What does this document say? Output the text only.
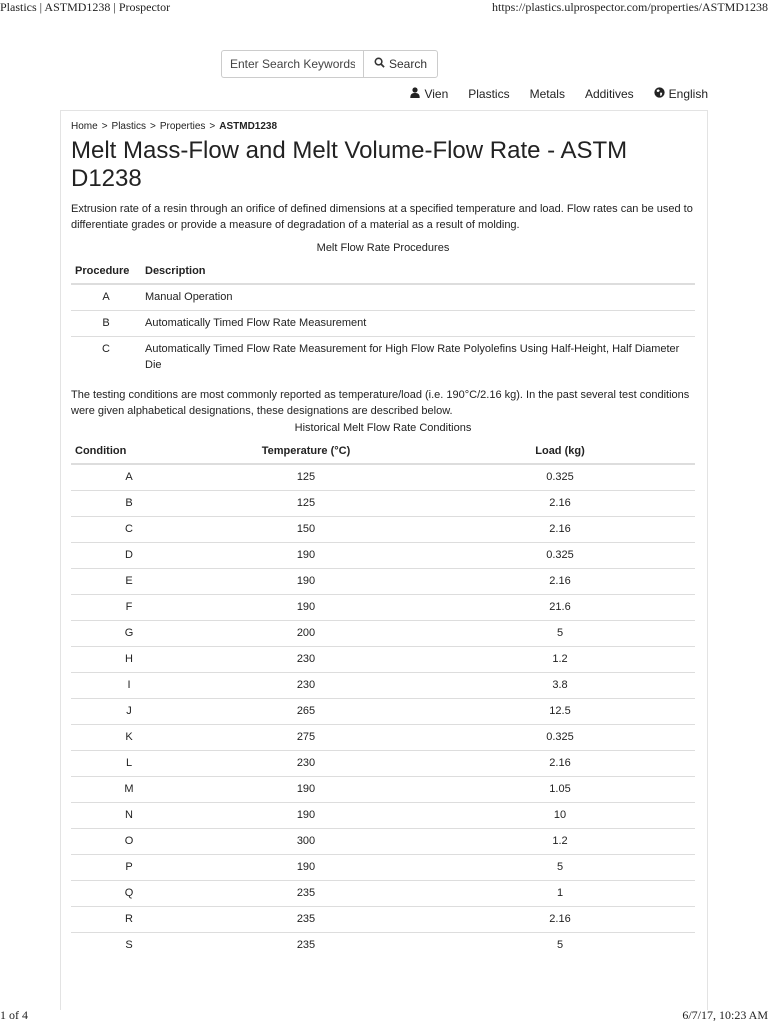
Plastics | ASTMD1238 | Prospector	https://plastics.ulprospector.com/properties/ASTMD1238
Enter Search Keywords
Search
Vien Plastics Metals Additives	English
Home > Plastics > Properties > ASTMD1238
Melt Mass-Flow and Melt Volume-Flow Rate - ASTM D1238

Extrusion rate of a resin through an orifice of defined dimensions at a specified temperature and load. Flow rates can be used to differentiate grades or provide a measure of degradation of a material as a result of molding.

Melt Flow Rate Procedures
Procedure	Description
A	Manual Operation
B	Automatically Timed Flow Rate Measurement
C	Automatically Timed Flow Rate Measurement for High Flow Rate Polyolefins Using Half-Height, Half Diameter Die

The testing conditions are most commonly reported as temperature/load (i.e. 190°C/2.16 kg). In the past several test conditions were given alphabetical designations, these designations are described below.

Historical Melt Flow Rate Conditions
Condition	Temperature (°C)	Load (kg)
A	125	0.325
B	125	2.16
C	150	2.16
D	190	0.325
E	190	2.16
F	190	21.6
G	200	5
H	230	1.2
I	230	3.8
J	265	12.5
K	275	0.325
L	230	2.16
M	190	1.05
N	190	10
O	300	1.2
P	190	5
Q	235	1
R	235	2.16
S	235	5
1 of 4	6/7/17, 10:23 AM
